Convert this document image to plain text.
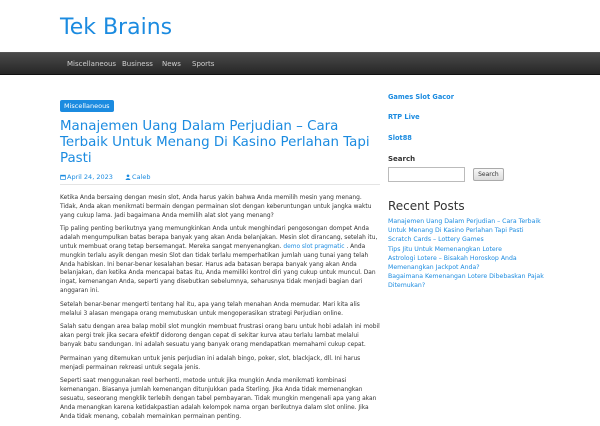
Tek Brains
Miscellaneous Business News Sports
Miscellaneous
Manajemen Uang Dalam Perjudian – Cara Terbaik Untuk Menang Di Kasino Perlahan Tapi Pasti
April 24, 2023	Caleb

Ketika Anda bersaing dengan mesin slot, Anda harus yakin bahwa Anda memilih mesin yang menang. Tidak, Anda akan menikmati bermain dengan permainan slot dengan keberuntungan untuk jangka waktu yang cukup lama. Jadi bagaimana Anda memilih alat slot yang menang?

Tip paling penting berikutnya yang memungkinkan Anda untuk menghindari pengosongan dompet Anda adalah mengumpulkan batas berapa banyak yang akan Anda belanjakan. Mesin slot dirancang, setelah itu, untuk membuat orang tetap bersemangat. Mereka sangat menyenangkan. demo slot pragmatic . Anda mungkin terlalu asyik dengan mesin Slot dan tidak terlalu memperhatikan jumlah uang tunai yang telah Anda habiskan. Ini benar-benar kesalahan besar. Harus ada batasan berapa banyak yang akan Anda belanjakan, dan ketika Anda mencapai batas itu, Anda memiliki kontrol diri yang cukup untuk muncul. Dan ingat, kemenangan Anda, seperti yang disebutkan sebelumnya, seharusnya tidak menjadi bagian dari anggaran ini.

Setelah benar-benar mengerti tentang hal itu, apa yang telah menahan Anda memudar. Mari kita alis melalui 3 alasan mengapa orang memutuskan untuk mengoperasikan strategi Perjudian online.

Salah satu dengan area balap mobil slot mungkin membuat frustrasi orang baru untuk hobi adalah ini mobil akan pergi trek jika secara efektif didorong dengan cepat di sekitar kurva atau terlalu lambat melalui banyak batu sandungan. Ini adalah sesuatu yang banyak orang mendapatkan memahami cukup cepat.

Permainan yang ditemukan untuk jenis perjudian ini adalah bingo, poker, slot, blackjack, dll. Ini harus menjadi permainan rekreasi untuk segala jenis.

Seperti saat menggunakan reel berhenti, metode untuk jika mungkin Anda menikmati kombinasi kemenangan. Biasanya jumlah kemenangan ditunjukkan pada Sterling. Jika Anda tidak memenangkan sesuatu, seseorang mengklik terlebih dengan tabel pembayaran. Tidak mungkin mengenali apa yang akan Anda menangkan karena ketidakpastian adalah kelompok nama organ berikutnya dalam slot online. Jika Anda tidak menang, cobalah memainkan permainan penting.

Games Slot Gacor
RTP Live
Slot88
Search
Search
Recent Posts
Manajemen Uang Dalam Perjudian – Cara Terbaik Untuk Menang Di Kasino Perlahan Tapi Pasti
Scratch Cards – Lottery Games
Tips Jitu Untuk Memenangkan Lotere
Astrologi Lotere – Bisakah Horoskop Anda Memenangkan Jackpot Anda?
Bagaimana Kemenangan Lotere Dibebaskan Pajak Ditemukan?
